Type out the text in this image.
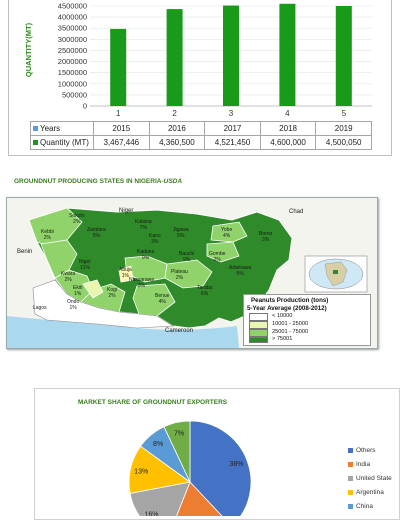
4500000
4000000
3500000
3000000
2500000
2000000
1500000
1000000
500000
0
1	2	3	4	5
QUANTITY(MT)
Years	2015	2016	2017	2018	2019
Quantity (MT)	3,467,446	4,360,500	4,521,450	4,600,000	4,500,050
GROUNDNUT PRODUCING STATES IN NIGERIA-USDA
Niger	Chad
Benin
Cameroon
Sokoto
2%	Katsina
7%
Zamfara
5%
Kebbi
2%	Kano
3%
Jigawa
5%
Yobe
4%	Borno
3%
Kaduna
9%
Bauchi
9%
Gombe
2%
Niger
11%
Kwara
2%
Plateau
2%
Abuja
1%
Nassarawa
3%
Adamawa
5%
Ekiti
1%
Kogi
2%
Taraba
6%
Ondo
1%
Benue
4%
Lagos
Peanuts Production (tons)
5-Year Average (2008-2012)
< 10000
10001 - 25000
25001 - 75000
> 75001
MARKET SHARE OF GROUNDNUT EXPORTERS
38%
16%
13%
8%
7%
Others
India
United State
Argentina
China
